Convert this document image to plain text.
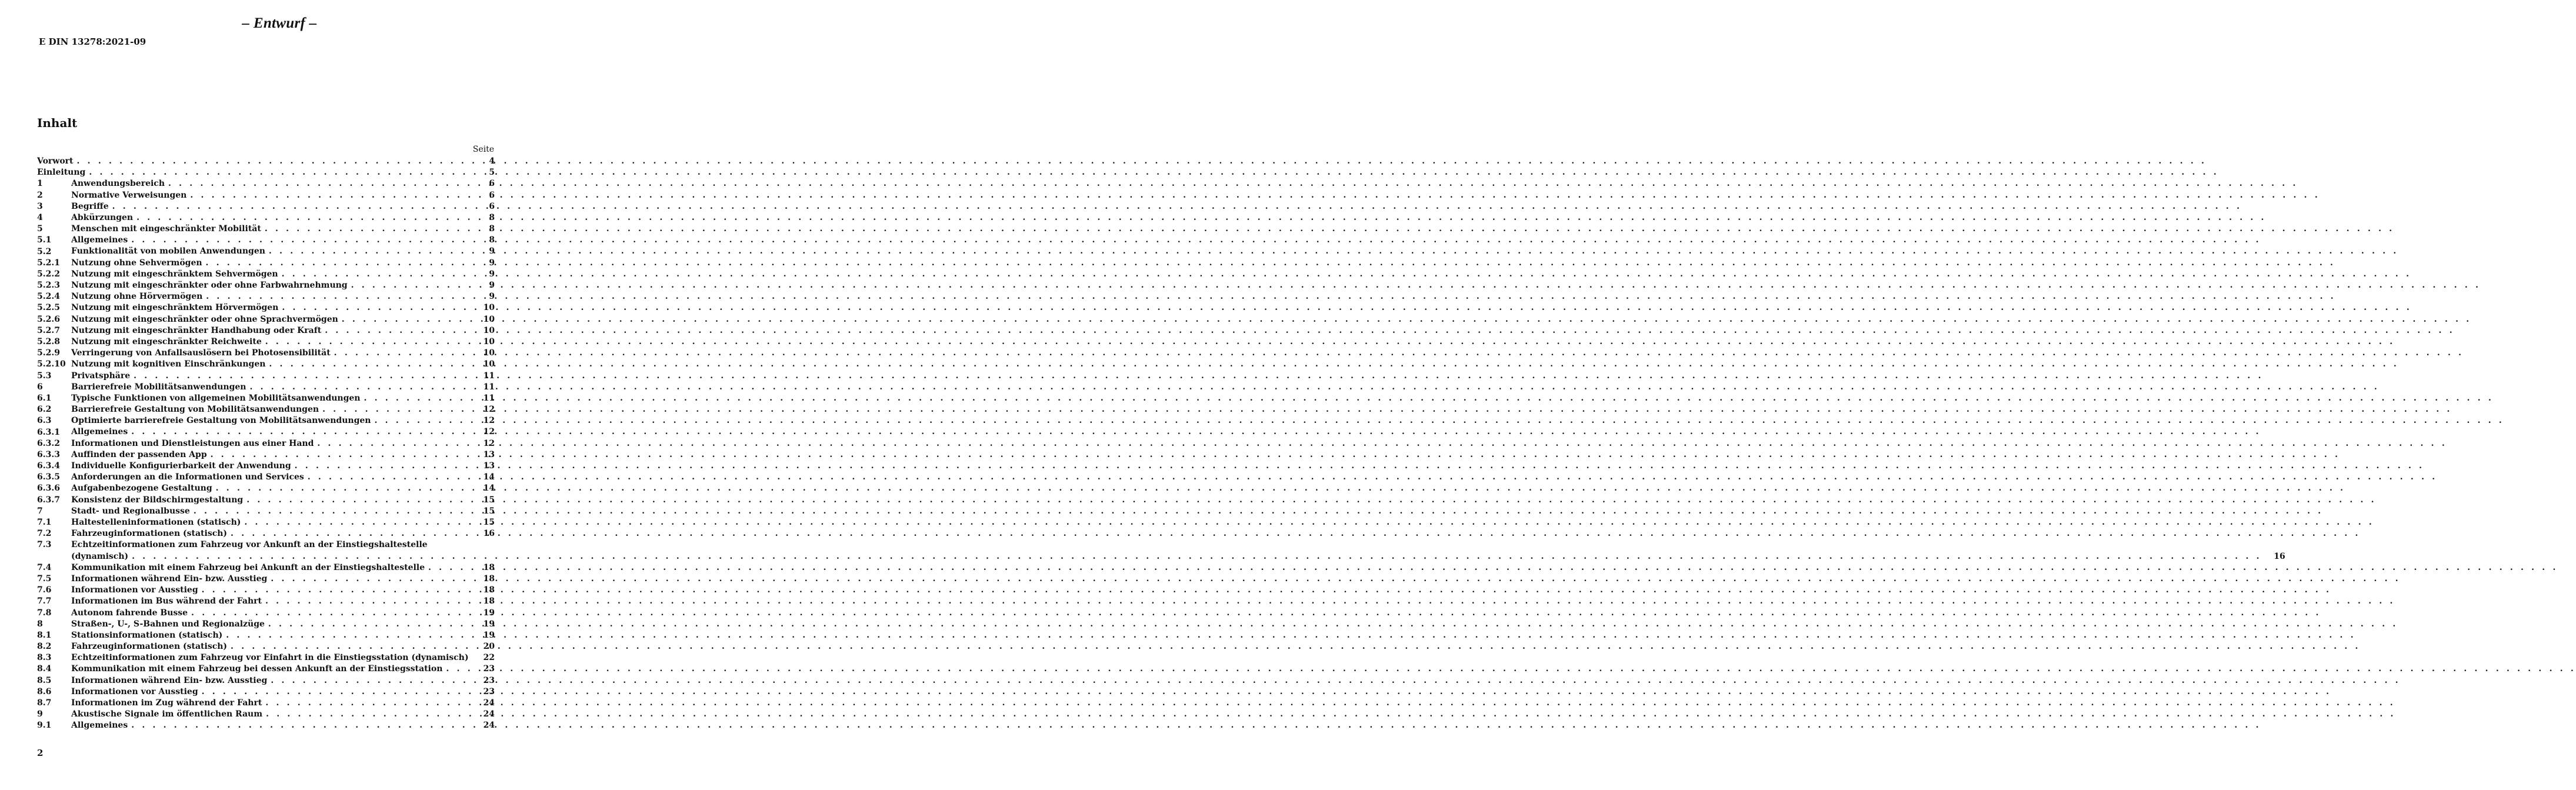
– Entwurf –
E DIN 13278:2021-09
Inhalt
Seite
Vorwort . . .	4
Einleitung . . .	5
1	Anwendungsbereich . . .	6
2	Normative Verweisungen . . .	6
3	Begriffe . . .	6
4	Abkürzungen . . .	8
5	Menschen mit eingeschränkter Mobilität . . .	8
5.1	Allgemeines . . .	8
5.2	Funktionalität von mobilen Anwendungen . . .	9
5.2.1	Nutzung ohne Sehvermögen . . .	9
5.2.2	Nutzung mit eingeschränktem Sehvermögen . . .	9
5.2.3	Nutzung mit eingeschränkter oder ohne Farbwahrnehmung . . .	9
5.2.4	Nutzung ohne Hörvermögen . . .	9
5.2.5	Nutzung mit eingeschränktem Hörvermögen . . .	10
5.2.6	Nutzung mit eingeschränkter oder ohne Sprachvermögen . . .	10
5.2.7	Nutzung mit eingeschränkter Handhabung oder Kraft . . .	10
5.2.8	Nutzung mit eingeschränkter Reichweite . . .	10
5.2.9	Verringerung von Anfallsauslösern bei Photosensibilität . . .	10
5.2.10 Nutzung mit kognitiven Einschränkungen . . .	10
5.3	Privatsphäre . . .	11
6	Barrierefreie Mobilitätsanwendungen . . .	11
6.1	Typische Funktionen von allgemeinen Mobilitätsanwendungen . . .	11
6.2	Barrierefreie Gestaltung von Mobilitätsanwendungen . . .	12
6.3	Optimierte barrierefreie Gestaltung von Mobilitätsanwendungen . . .	12
6.3.1	Allgemeines . . .	12
6.3.2	Informationen und Dienstleistungen aus einer Hand . . .	12
6.3.3	Auffinden der passenden App . . .	13
6.3.4	Individuelle Konfigurierbarkeit der Anwendung . . .	13
6.3.5	Anforderungen an die Informationen und Services . . .	14
6.3.6	Aufgabenbezogene Gestaltung . . .	14
6.3.7	Konsistenz der Bildschirmgestaltung . . .	15
7	Stadt- und Regionalbusse . . .	15
7.1	Haltestelleninformationen (statisch) . . .	15
7.2	Fahrzeuginformationen (statisch) . . .	16
7.3	Echtzeitinformationen zum Fahrzeug vor Ankunft an der Einstiegshaltestelle
(dynamisch) . . .	16
7.4	Kommunikation mit einem Fahrzeug bei Ankunft an der Einstiegshaltestelle . . .	18
7.5	Informationen während Ein- bzw. Ausstieg . . .	18
7.6	Informationen vor Ausstieg . . .	18
7.7	Informationen im Bus während der Fahrt . . .	18
7.8	Autonom fahrende Busse . . .	19
8	Straßen-, U-, S-Bahnen und Regionalzüge . . .	19
8.1	Stationsinformationen (statisch) . . .	19
8.2	Fahrzeuginformationen (statisch) . . .	20
8.3	Echtzeitinformationen zum Fahrzeug vor Einfahrt in die Einstiegsstation (dynamisch)	22
8.4	Kommunikation mit einem Fahrzeug bei dessen Ankunft an der Einstiegsstation . . .	23
8.5	Informationen während Ein- bzw. Ausstieg . . .	23
8.6	Informationen vor Ausstieg . . .	23
8.7	Informationen im Zug während der Fahrt . . .	24
9	Akustische Signale im öffentlichen Raum . . .	24
9.1	Allgemeines . . .	24
2
